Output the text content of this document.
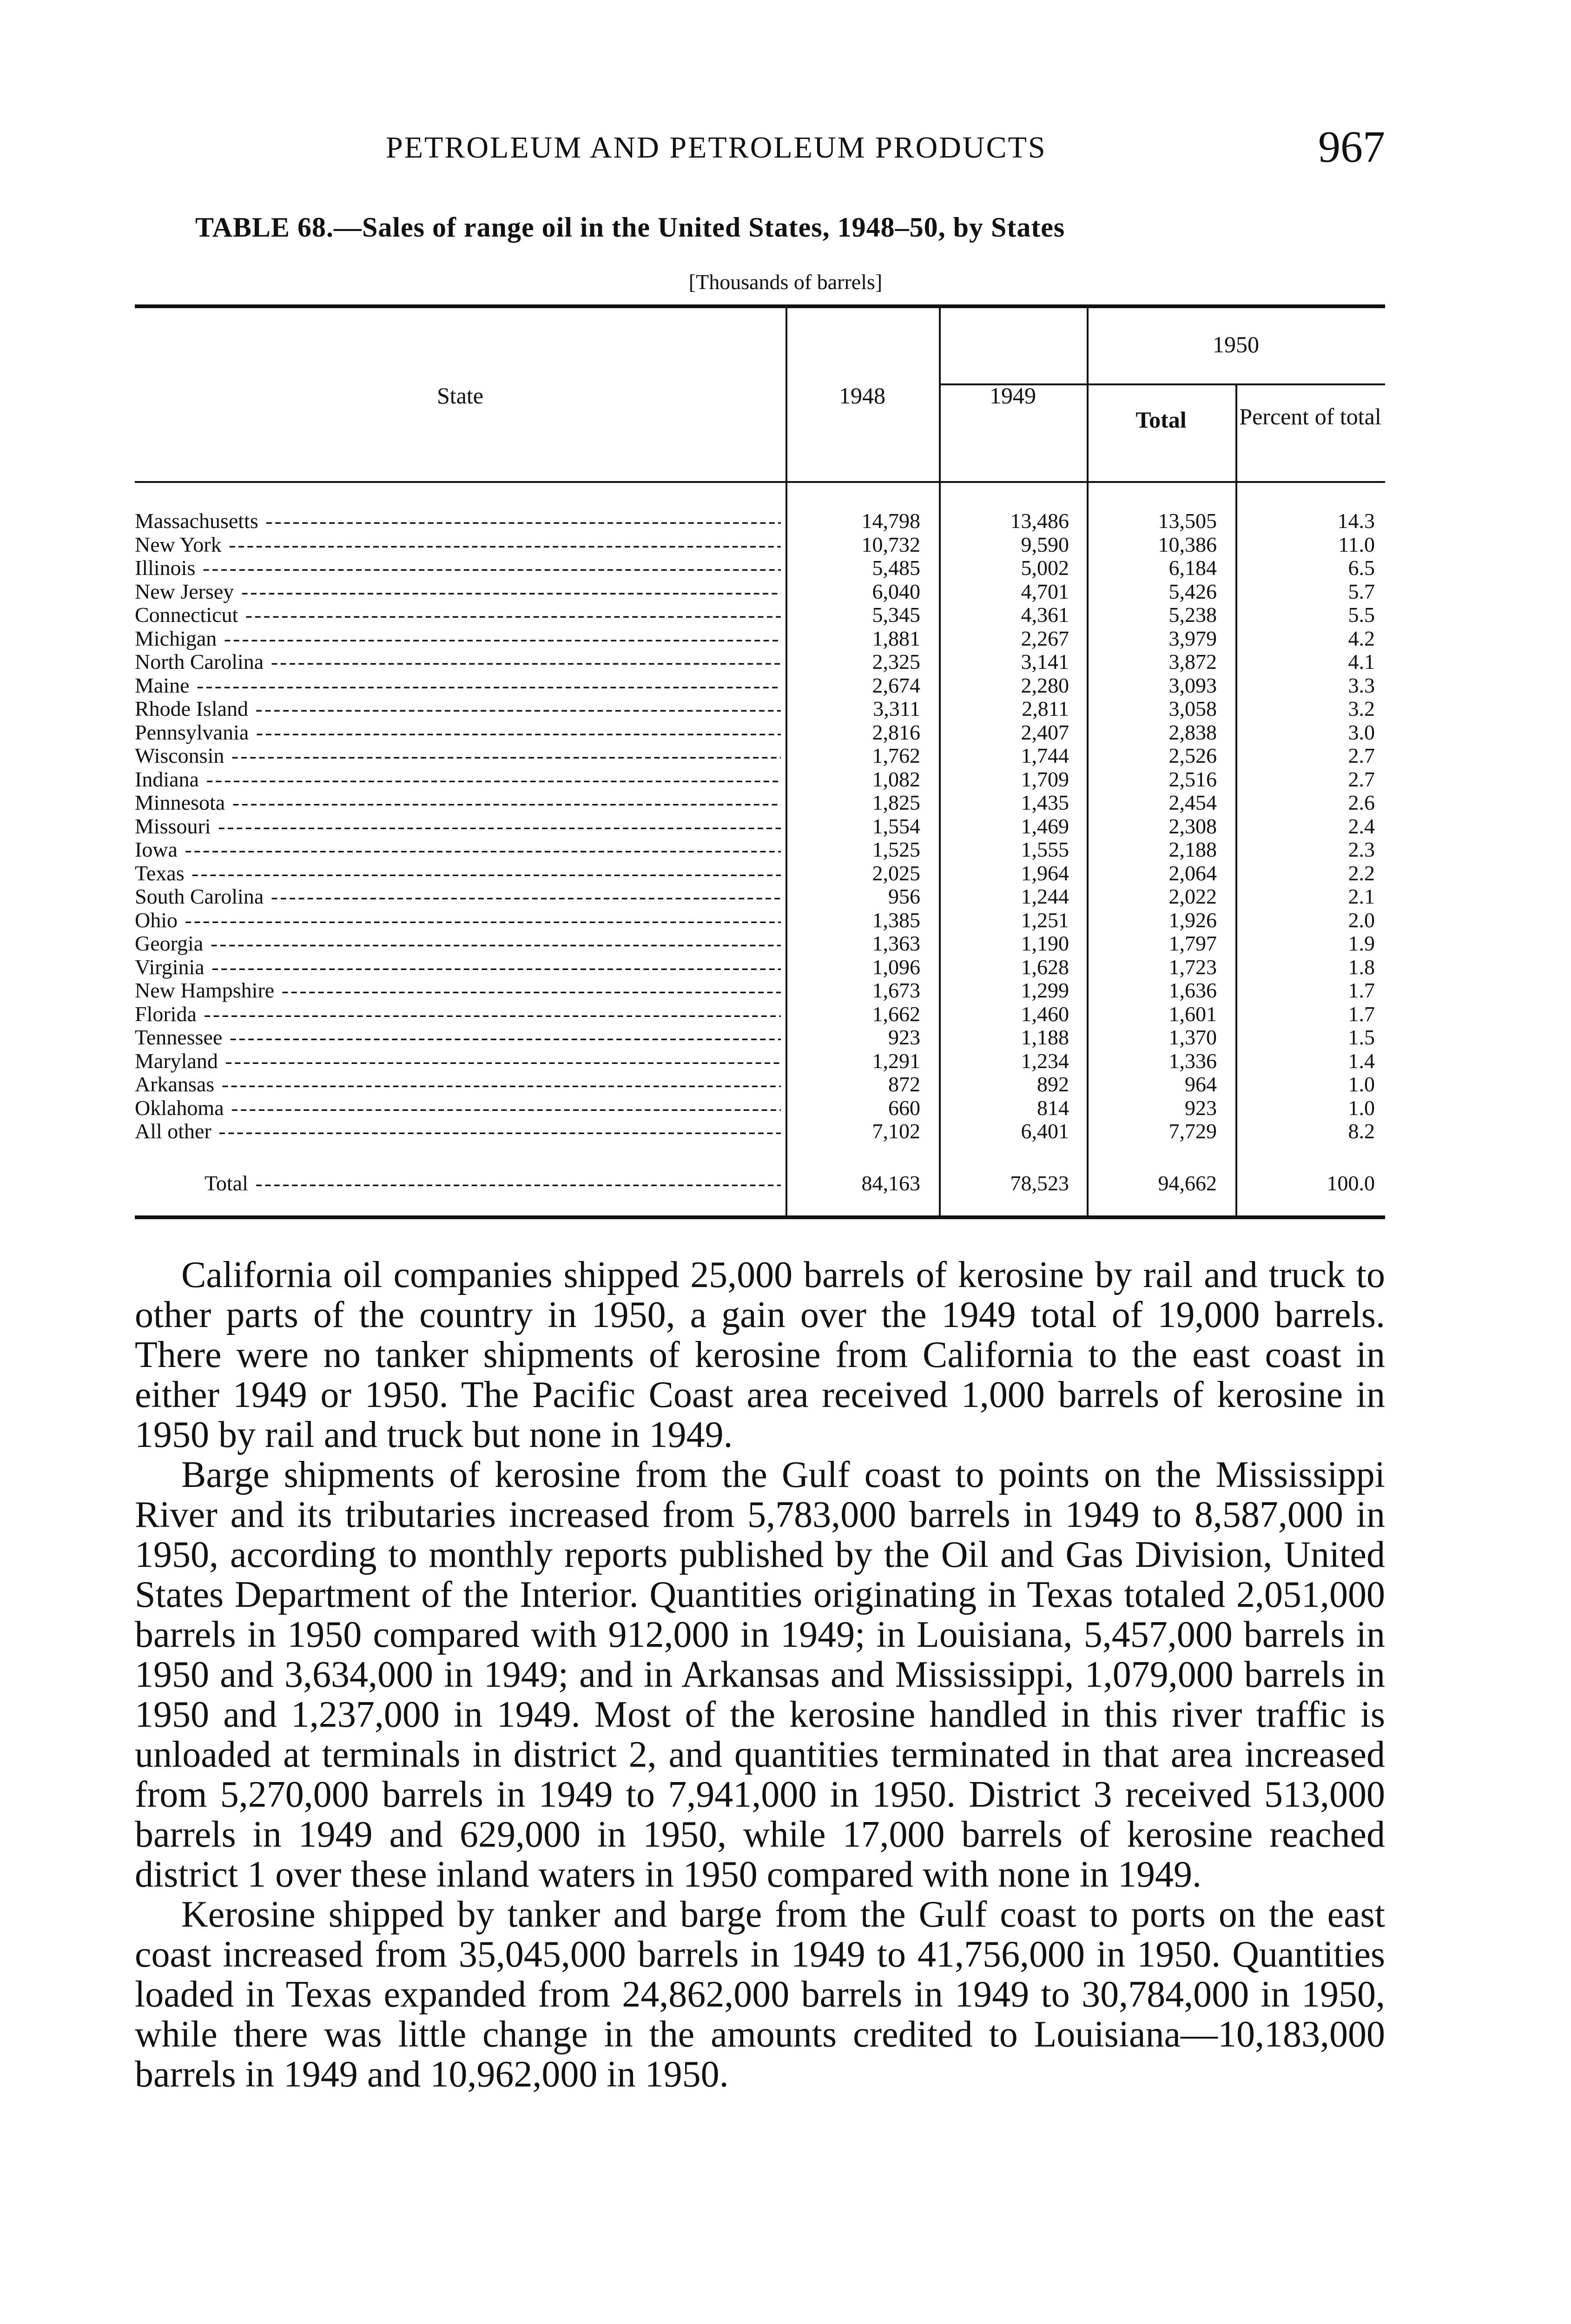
PETROLEUM AND PETROLEUM PRODUCTS	967
TABLE 68.—Sales of range oil in the United States, 1948–50, by States
[Thousands of barrels]
State	1948	1949
1950
Total	Percent of total
Massachusetts -----	14,798	13,486	13,505	14.3
New York -----	10,732	9,590	10,386	11.0
Illinois -----	5,485	5,002	6,184	6.5
New Jersey -----	6,040	4,701	5,426	5.7
Connecticut -----	5,345	4,361	5,238	5.5
Michigan -----	1,881	2,267	3,979	4.2
North Carolina -----	2,325	3,141	3,872	4.1
Maine -----	2,674	2,280	3,093	3.3
Rhode Island -----	3,311	2,811	3,058	3.2
Pennsylvania -----	2,816	2,407	2,838	3.0
Wisconsin -----	1,762	1,744	2,526	2.7
Indiana -----	1,082	1,709	2,516	2.7
Minnesota -----	1,825	1,435	2,454	2.6
Missouri -----	1,554	1,469	2,308	2.4
Iowa -----	1,525	1,555	2,188	2.3
Texas -----	2,025	1,964	2,064	2.2
South Carolina -----	956	1,244	2,022	2.1
Ohio -----	1,385	1,251	1,926	2.0
Georgia -----	1,363	1,190	1,797	1.9
Virginia -----	1,096	1,628	1,723	1.8
New Hampshire -----	1,673	1,299	1,636	1.7
Florida -----	1,662	1,460	1,601	1.7
Tennessee -----	923	1,188	1,370	1.5
Maryland -----	1,291	1,234	1,336	1.4
Arkansas -----	872	892	964	1.0
Oklahoma -----	660	814	923	1.0
All other -----	7,102	6,401	7,729	8.2
Total -----	84,163	78,523	94,662	100.0

California oil companies shipped 25,000 barrels of kerosine by rail and truck to other parts of the country in 1950, a gain over the 1949 total of 19,000 barrels. There were no tanker shipments of kerosine from California to the east coast in either 1949 or 1950. The Pacific Coast area received 1,000 barrels of kerosine in 1950 by rail and truck but none in 1949.

Barge shipments of kerosine from the Gulf coast to points on the Mississippi River and its tributaries increased from 5,783,000 barrels in 1949 to 8,587,000 in 1950, according to monthly reports published by the Oil and Gas Division, United States Department of the Interior. Quantities originating in Texas totaled 2,051,000 barrels in 1950 compared with 912,000 in 1949; in Louisiana, 5,457,000 barrels in 1950 and 3,634,000 in 1949; and in Arkansas and Mississippi, 1,079,000 barrels in 1950 and 1,237,000 in 1949. Most of the kerosine handled in this river traffic is unloaded at terminals in district 2, and quantities terminated in that area increased from 5,270,000 barrels in 1949 to 7,941,000 in 1950. District 3 received 513,000 barrels in 1949 and 629,000 in 1950, while 17,000 barrels of kerosine reached district 1 over these inland waters in 1950 compared with none in 1949.

Kerosine shipped by tanker and barge from the Gulf coast to ports on the east coast increased from 35,045,000 barrels in 1949 to 41,756,000 in 1950. Quantities loaded in Texas expanded from 24,862,000 barrels in 1949 to 30,784,000 in 1950, while there was little change in the amounts credited to Louisiana—10,183,000 barrels in 1949 and 10,962,000 in 1950.
